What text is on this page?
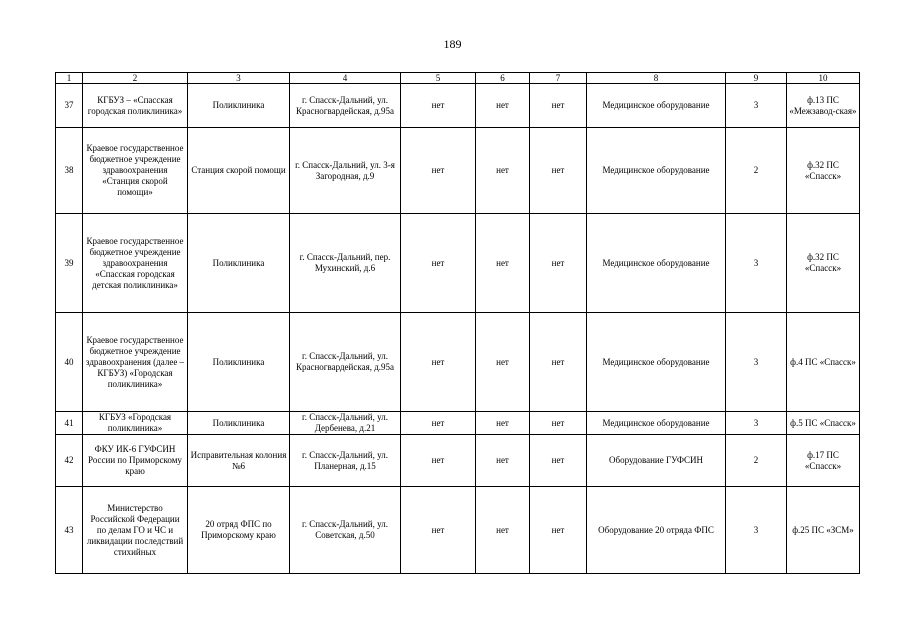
189
1	2	3	4	5	6	7	8	9	10
37	КГБУЗ – «Спасская городская поликлиника»	Поликлиника	г. Спасск-Дальний, ул. Красногвардейская, д.95а	нет	нет	нет	Медицинское оборудование	3	ф.13 ПС «Межзавод-ская»
38	Краевое государственное бюджетное учреждение здравоохранения «Станция скорой помощи»	Станция скорой помощи	г. Спасск-Дальний, ул. 3-я Загородная, д.9	нет	нет	нет	Медицинское оборудование	2	ф.32 ПС «Спасск»
39	Краевое государственное бюджетное учреждение здравоохранения «Спасская городская детская поликлиника»	Поликлиника	г. Спасск-Дальний, пер. Мухинский, д.6	нет	нет	нет	Медицинское оборудование	3	ф.32 ПС «Спасск»
40	Краевое государственное бюджетное учреждение здравоохранения (далее – КГБУЗ) «Городская поликлиника»	Поликлиника	г. Спасск-Дальний, ул. Красногвардейская, д.95а	нет	нет	нет	Медицинское оборудование	3	ф.4 ПС «Спасск»
41	КГБУЗ «Городская поликлиника»	Поликлиника	г. Спасск-Дальний, ул. Дербенева, д.21	нет	нет	нет	Медицинское оборудование	3	ф.5 ПС «Спасск»
42	ФКУ ИК-6 ГУФСИН России по Приморскому краю	Исправительная колония №6	г. Спасск-Дальний, ул. Планерная, д.15	нет	нет	нет	Оборудование ГУФСИН	2	ф.17 ПС «Спасск»
43	Министерство Российской Федерации по делам ГО и ЧС и ликвидации последствий стихийных	20 отряд ФПС по Приморскому краю	г. Спасск-Дальний, ул. Советская, д.50	нет	нет	нет	Оборудование 20 отряда ФПС	3	ф.25 ПС «ЗСМ»
